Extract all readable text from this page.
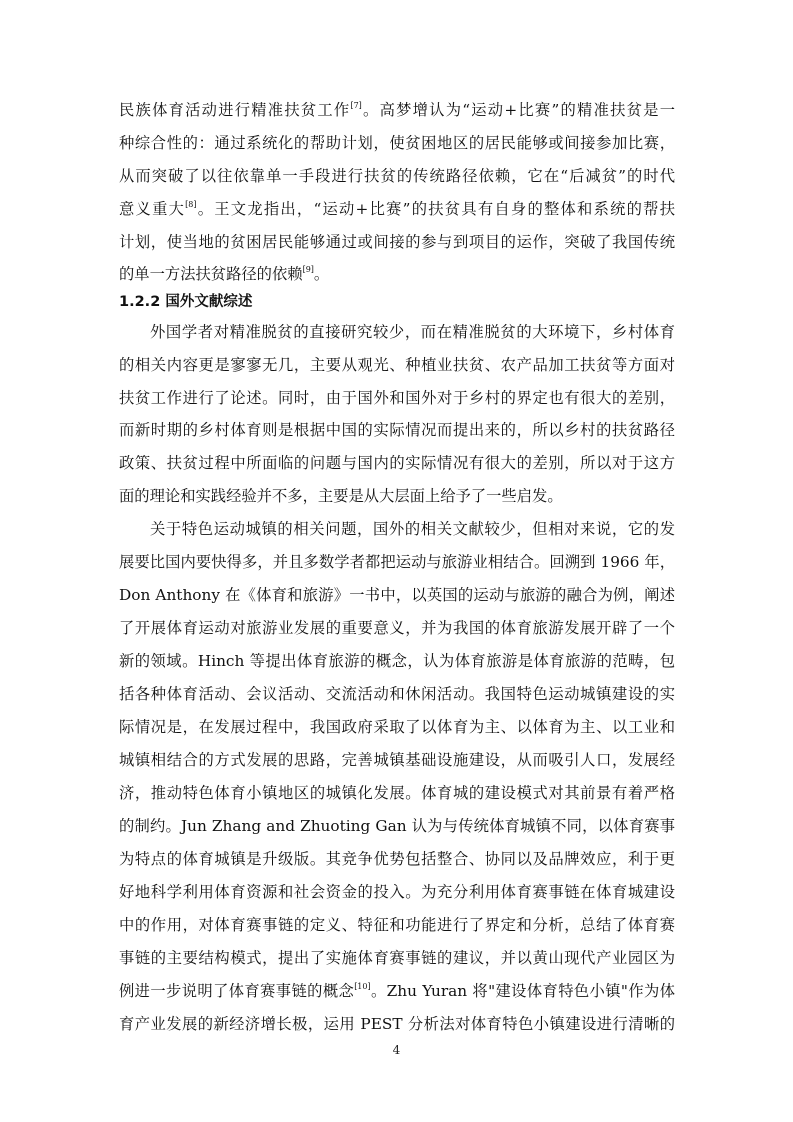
民族体育活动进行精准扶贫工作[7]。高梦增认为“运动+比赛”的精准扶贫是一
种综合性的：通过系统化的帮助计划，使贫困地区的居民能够或间接参加比赛，
从而突破了以往依靠单一手段进行扶贫的传统路径依赖，它在“后减贫”的时代
意义重大[8]。王文龙指出，“运动+比赛”的扶贫具有自身的整体和系统的帮扶
计划，使当地的贫困居民能够通过或间接的参与到项目的运作，突破了我国传统
的单一方法扶贫路径的依赖[9]。
1.2.2 国外文献综述
外国学者对精准脱贫的直接研究较少，而在精准脱贫的大环境下，乡村体育
的相关内容更是寥寥无几，主要从观光、种植业扶贫、农产品加工扶贫等方面对
扶贫工作进行了论述。同时，由于国外和国外对于乡村的界定也有很大的差别，
而新时期的乡村体育则是根据中国的实际情况而提出来的，所以乡村的扶贫路径
政策、扶贫过程中所面临的问题与国内的实际情况有很大的差别，所以对于这方
面的理论和实践经验并不多，主要是从大层面上给予了一些启发。
关于特色运动城镇的相关问题，国外的相关文献较少，但相对来说，它的发
展要比国内要快得多，并且多数学者都把运动与旅游业相结合。回溯到 1966 年，
Don Anthony 在《体育和旅游》一书中，以英国的运动与旅游的融合为例，阐述
了开展体育运动对旅游业发展的重要意义，并为我国的体育旅游发展开辟了一个
新的领域。Hinch 等提出体育旅游的概念，认为体育旅游是体育旅游的范畴，包
括各种体育活动、会议活动、交流活动和休闲活动。我国特色运动城镇建设的实
际情况是，在发展过程中，我国政府采取了以体育为主、以体育为主、以工业和
城镇相结合的方式发展的思路，完善城镇基础设施建设，从而吸引人口，发展经
济，推动特色体育小镇地区的城镇化发展。体育城的建设模式对其前景有着严格
的制约。Jun Zhang and Zhuoting Gan 认为与传统体育城镇不同，以体育赛事
为特点的体育城镇是升级版。其竞争优势包括整合、协同以及品牌效应，利于更
好地科学利用体育资源和社会资金的投入。为充分利用体育赛事链在体育城建设
中的作用，对体育赛事链的定义、特征和功能进行了界定和分析，总结了体育赛
事链的主要结构模式，提出了实施体育赛事链的建议，并以黄山现代产业园区为
例进一步说明了体育赛事链的概念[10]。Zhu Yuran 将"建设体育特色小镇"作为体
育产业发展的新经济增长极，运用 PEST 分析法对体育特色小镇建设进行清晰的
4
